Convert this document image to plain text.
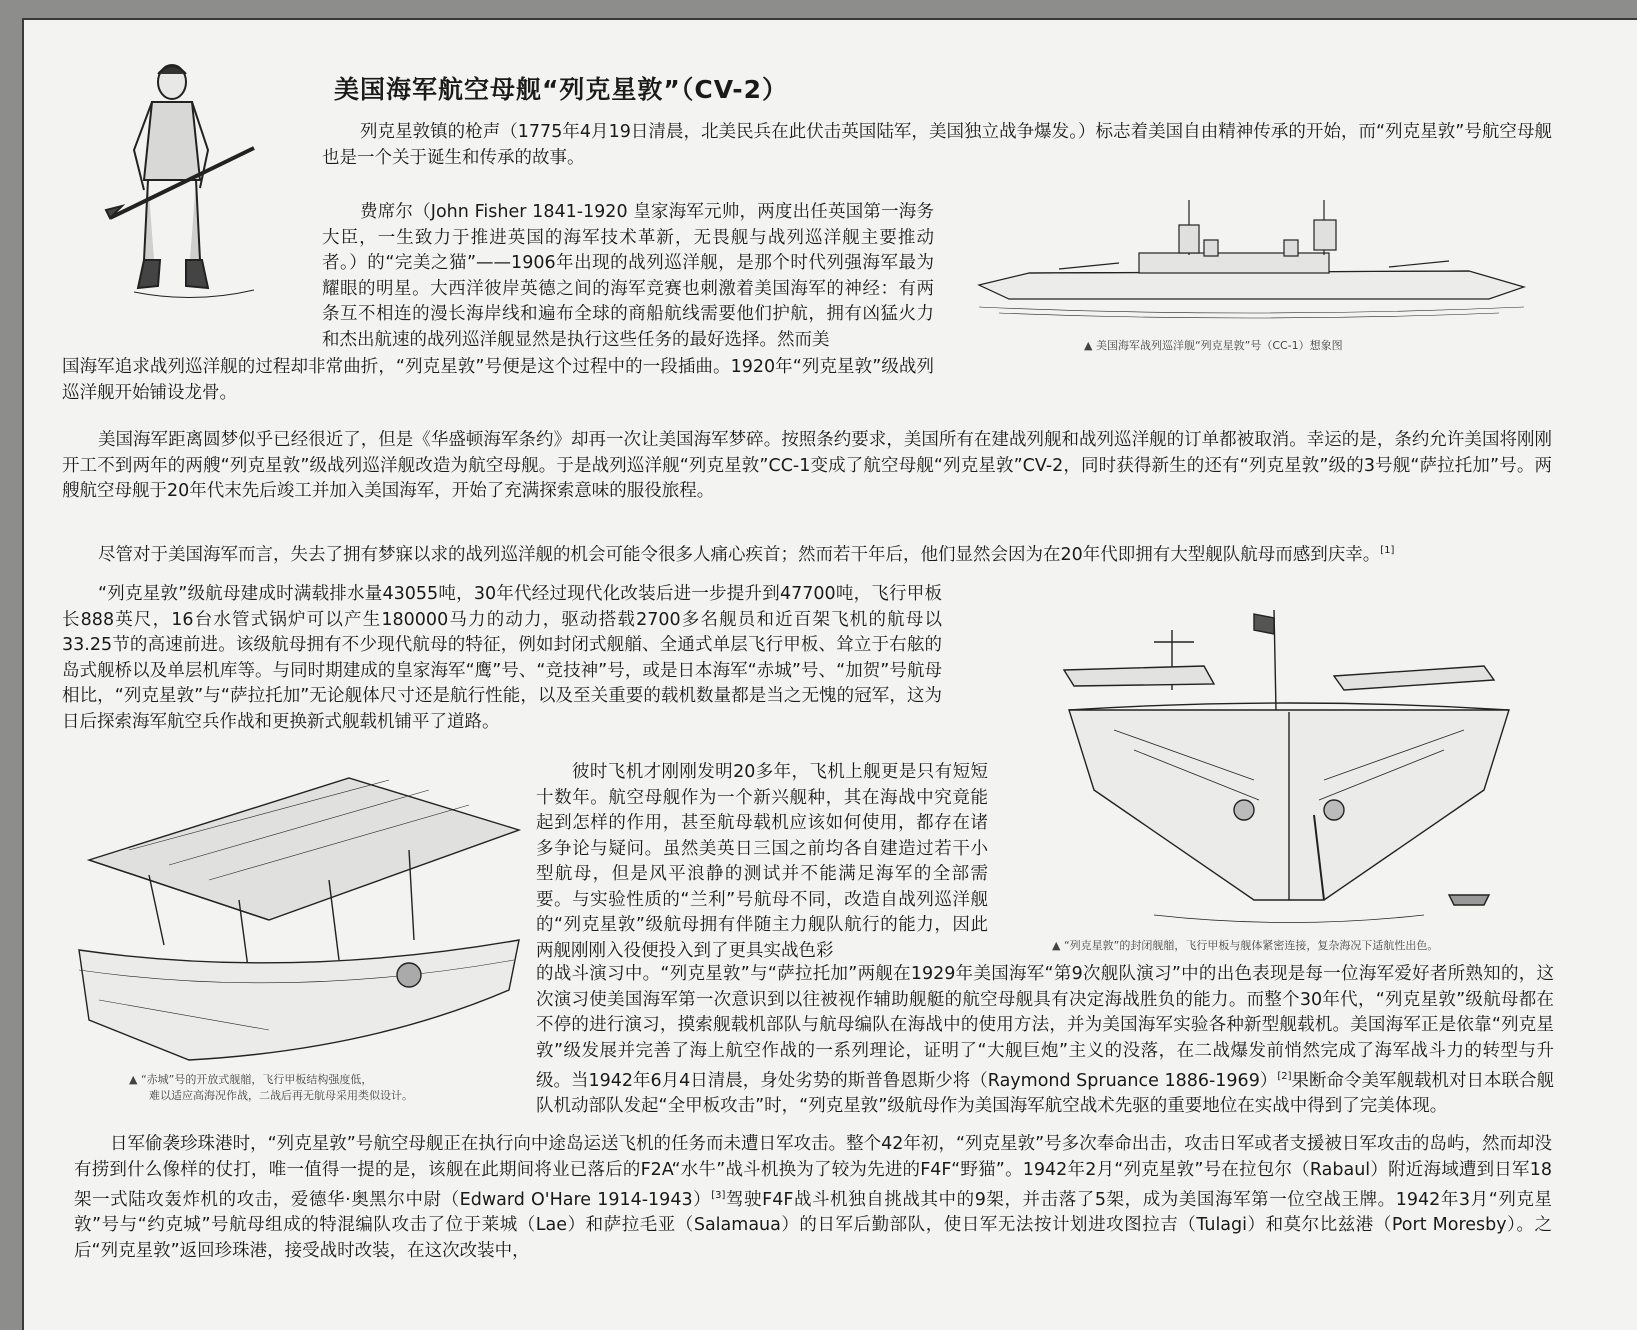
美国海军航空母舰“列克星敦”（CV-2）
列克星敦镇的枪声（1775年4月19日清晨，北美民兵在此伏击英国陆军，美国独立战争爆发。）标志着美国自由精神传承的开始，而“列克星敦”号航空母舰也是一个关于诞生和传承的故事。
费席尔（John Fisher 1841-1920 皇家海军元帅，两度出任英国第一海务大臣，一生致力于推进英国的海军技术革新，无畏舰与战列巡洋舰主要推动者。）的“完美之猫”——1906年出现的战列巡洋舰，是那个时代列强海军最为耀眼的明星。大西洋彼岸英德之间的海军竞赛也刺激着美国海军的神经：有两条互不相连的漫长海岸线和遍布全球的商船航线需要他们护航，拥有凶猛火力和杰出航速的战列巡洋舰显然是执行这些任务的最好选择。然而美
国海军追求战列巡洋舰的过程却非常曲折，“列克星敦”号便是这个过程中的一段插曲。1920年“列克星敦”级战列巡洋舰开始铺设龙骨。
▲ 美国海军战列巡洋舰“列克星敦”号（CC-1）想象图
美国海军距离圆梦似乎已经很近了，但是《华盛顿海军条约》却再一次让美国海军梦碎。按照条约要求，美国所有在建战列舰和战列巡洋舰的订单都被取消。幸运的是，条约允许美国将刚刚开工不到两年的两艘“列克星敦”级战列巡洋舰改造为航空母舰。于是战列巡洋舰“列克星敦”CC-1变成了航空母舰“列克星敦”CV-2，同时获得新生的还有“列克星敦”级的3号舰“萨拉托加”号。两艘航空母舰于20年代末先后竣工并加入美国海军，开始了充满探索意味的服役旅程。
尽管对于美国海军而言，失去了拥有梦寐以求的战列巡洋舰的机会可能令很多人痛心疾首；然而若干年后，他们显然会因为在20年代即拥有大型舰队航母而感到庆幸。[1]
“列克星敦”级航母建成时满载排水量43055吨，30年代经过现代化改装后进一步提升到47700吨，飞行甲板长888英尺，16台水管式锅炉可以产生180000马力的动力，驱动搭载2700多名舰员和近百架飞机的航母以33.25节的高速前进。该级航母拥有不少现代航母的特征，例如封闭式舰艏、全通式单层飞行甲板、耸立于右舷的岛式舰桥以及单层机库等。与同时期建成的皇家海军“鹰”号、“竞技神”号，或是日本海军“赤城”号、“加贺”号航母相比，“列克星敦”与“萨拉托加”无论舰体尺寸还是航行性能，以及至关重要的载机数量都是当之无愧的冠军，这为日后探索海军航空兵作战和更换新式舰载机铺平了道路。
▲ “列克星敦”的封闭舰艏，飞行甲板与舰体紧密连接，复杂海况下适航性出色。
▲ “赤城”号的开放式舰艏，飞行甲板结构强度低，
难以适应高海况作战，二战后再无航母采用类似设计。
彼时飞机才刚刚发明20多年，飞机上舰更是只有短短十数年。航空母舰作为一个新兴舰种，其在海战中究竟能起到怎样的作用，甚至航母载机应该如何使用，都存在诸多争论与疑问。虽然美英日三国之前均各自建造过若干小型航母，但是风平浪静的测试并不能满足海军的全部需要。与实验性质的“兰利”号航母不同，改造自战列巡洋舰的“列克星敦”级航母拥有伴随主力舰队航行的能力，因此两舰刚刚入役便投入到了更具实战色彩
的战斗演习中。“列克星敦”与“萨拉托加”两舰在1929年美国海军“第9次舰队演习”中的出色表现是每一位海军爱好者所熟知的，这次演习使美国海军第一次意识到以往被视作辅助舰艇的航空母舰具有决定海战胜负的能力。而整个30年代，“列克星敦”级航母都在不停的进行演习，摸索舰载机部队与航母编队在海战中的使用方法，并为美国海军实验各种新型舰载机。美国海军正是依靠“列克星敦”级发展并完善了海上航空作战的一系列理论，证明了“大舰巨炮”主义的没落，在二战爆发前悄然完成了海军战斗力的转型与升级。当1942年6月4日清晨，身处劣势的斯普鲁恩斯少将（Raymond Spruance 1886-1969）[2]果断命令美军舰载机对日本联合舰队机动部队发起“全甲板攻击”时，“列克星敦”级航母作为美国海军航空战术先驱的重要地位在实战中得到了完美体现。
日军偷袭珍珠港时，“列克星敦”号航空母舰正在执行向中途岛运送飞机的任务而未遭日军攻击。整个42年初，“列克星敦”号多次奉命出击，攻击日军或者支援被日军攻击的岛屿，然而却没有捞到什么像样的仗打，唯一值得一提的是，该舰在此期间将业已落后的F2A“水牛”战斗机换为了较为先进的F4F“野猫”。1942年2月“列克星敦”号在拉包尔（Rabaul）附近海域遭到日军18架一式陆攻轰炸机的攻击，爱德华·奥黑尔中尉（Edward O'Hare 1914-1943）[3]驾驶F4F战斗机独自挑战其中的9架，并击落了5架，成为美国海军第一位空战王牌。1942年3月“列克星敦”号与“约克城”号航母组成的特混编队攻击了位于莱城（Lae）和萨拉毛亚（Salamaua）的日军后勤部队，使日军无法按计划进攻图拉吉（Tulagi）和莫尔比兹港（Port Moresby）。之后“列克星敦”返回珍珠港，接受战时改装，在这次改装中，
